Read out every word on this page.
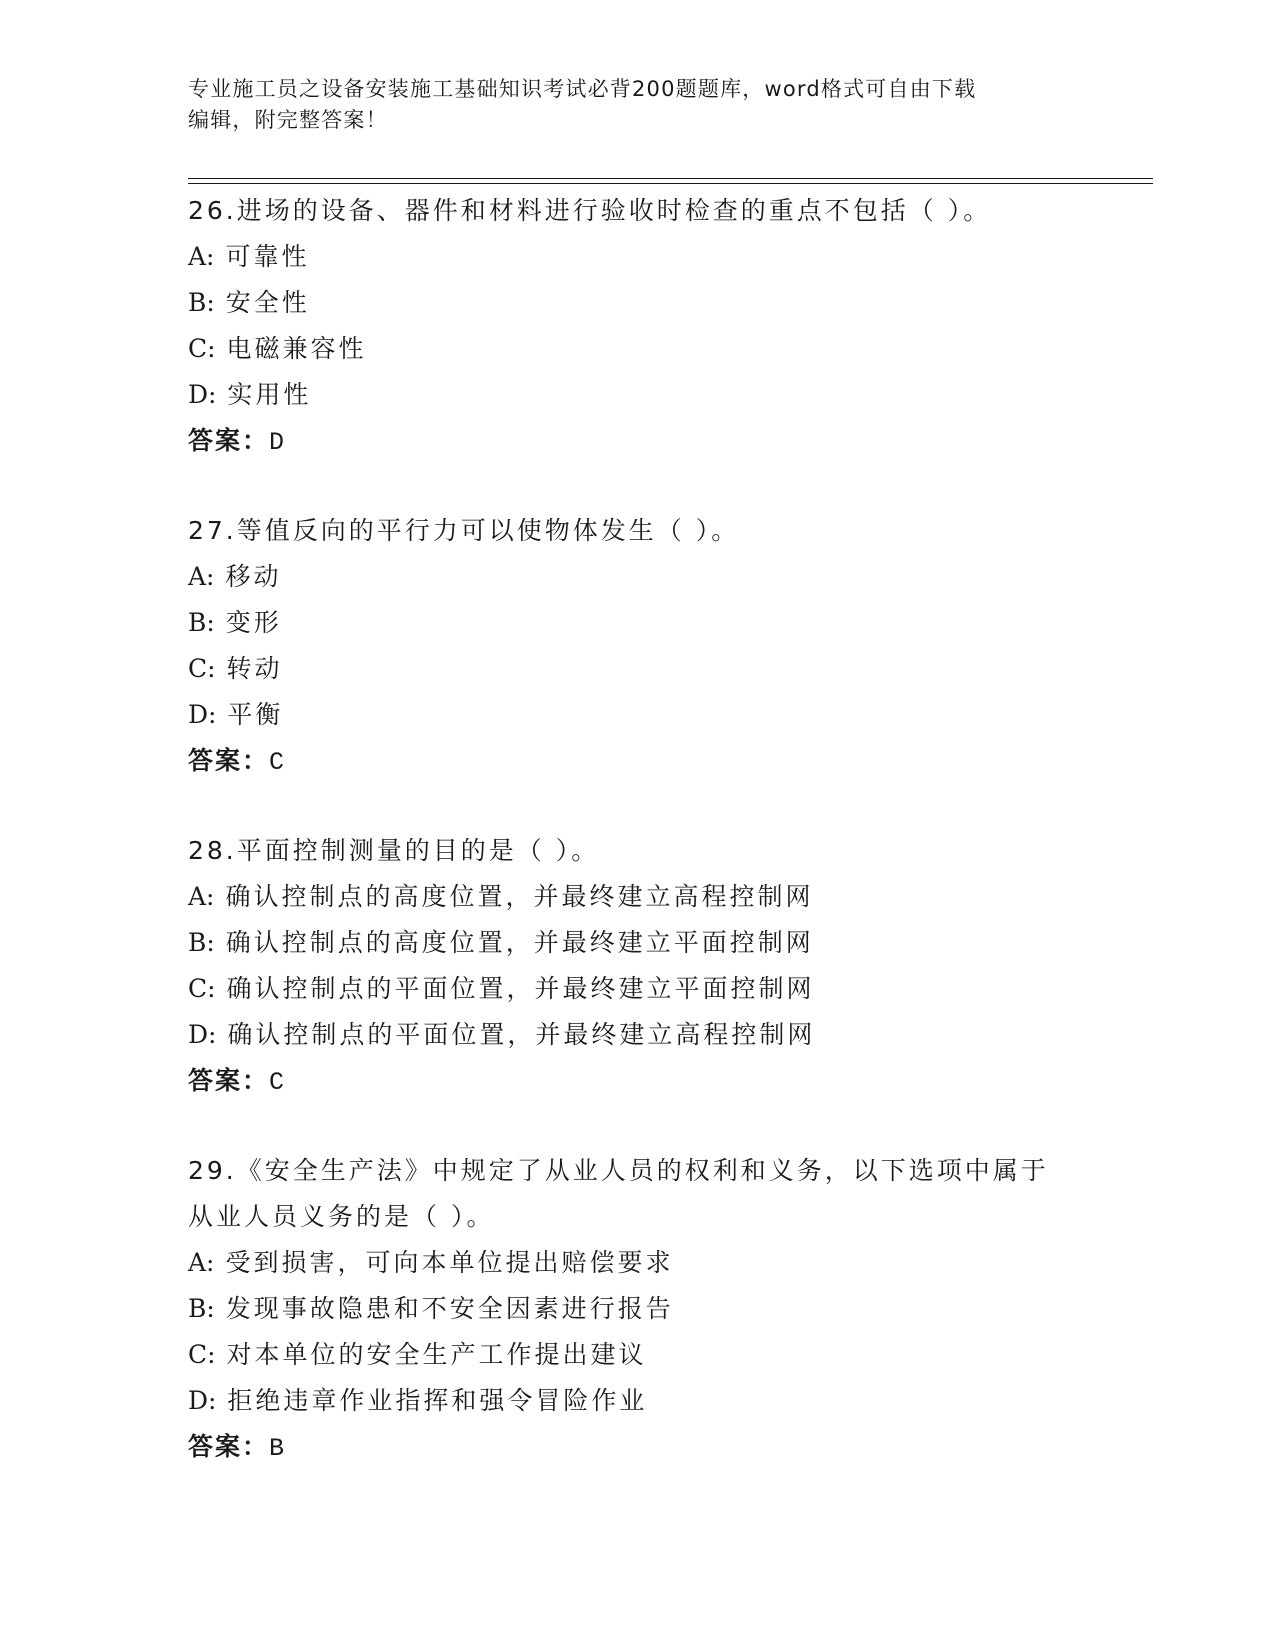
专业施工员之设备安装施工基础知识考试必背200题题库，word格式可自由下载
编辑，附完整答案！
26.进场的设备、器件和材料进行验收时检查的重点不包括（ ）。
A: 可靠性
B: 安全性
C: 电磁兼容性
D: 实用性
答案：D
27.等值反向的平行力可以使物体发生（ ）。
A: 移动
B: 变形
C: 转动
D: 平衡
答案：C
28.平面控制测量的目的是（ ）。
A: 确认控制点的高度位置，并最终建立高程控制网
B: 确认控制点的高度位置，并最终建立平面控制网
C: 确认控制点的平面位置，并最终建立平面控制网
D: 确认控制点的平面位置，并最终建立高程控制网
答案：C
29.《安全生产法》中规定了从业人员的权利和义务，以下选项中属于从业人员义务的是（ ）。
A: 受到损害，可向本单位提出赔偿要求
B: 发现事故隐患和不安全因素进行报告
C: 对本单位的安全生产工作提出建议
D: 拒绝违章作业指挥和强令冒险作业
答案：B
